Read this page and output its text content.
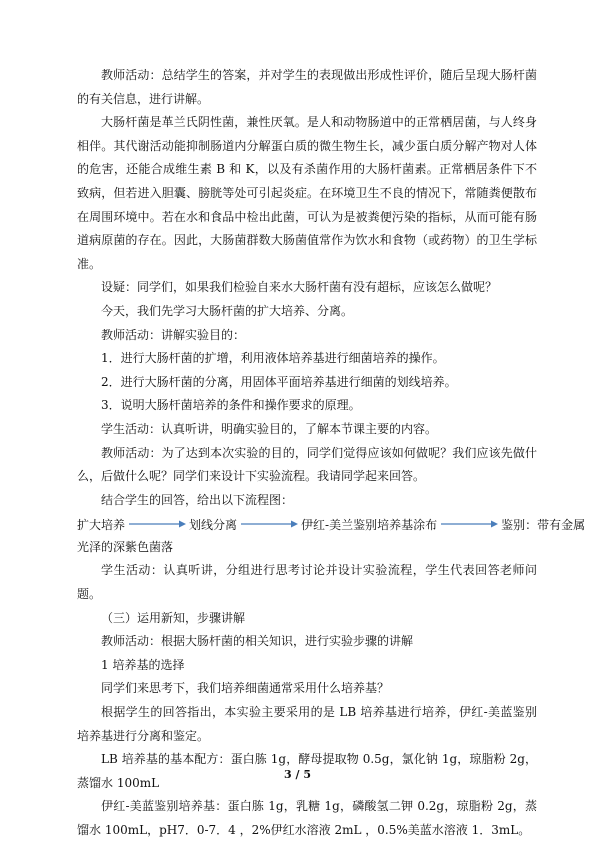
教师活动：总结学生的答案，并对学生的表现做出形成性评价，随后呈现大肠杆菌的有关信息，进行讲解。

大肠杆菌是革兰氏阴性菌，兼性厌氧。是人和动物肠道中的正常栖居菌，与人终身相伴。其代谢活动能抑制肠道内分解蛋白质的微生物生长，减少蛋白质分解产物对人体的危害，还能合成维生素 B 和 K，以及有杀菌作用的大肠杆菌素。正常栖居条件下不致病，但若进入胆囊、膀胱等处可引起炎症。在环境卫生不良的情况下，常随粪便散布在周围环境中。若在水和食品中检出此菌，可认为是被粪便污染的指标，从而可能有肠道病原菌的存在。因此，大肠菌群数大肠菌值常作为饮水和食物（或药物）的卫生学标准。

设疑：同学们，如果我们检验自来水大肠杆菌有没有超标，应该怎么做呢？

今天，我们先学习大肠杆菌的扩大培养、分离。

教师活动：讲解实验目的：

1．进行大肠杆菌的扩增，利用液体培养基进行细菌培养的操作。

2．进行大肠杆菌的分离，用固体平面培养基进行细菌的划线培养。

3．说明大肠杆菌培养的条件和操作要求的原理。

学生活动：认真听讲，明确实验目的，了解本节课主要的内容。

教师活动：为了达到本次实验的目的，同学们觉得应该如何做呢？我们应该先做什么，后做什么呢？同学们来设计下实验流程。我请同学起来回答。

结合学生的回答，给出以下流程图：

扩大培养	划线分离	伊红-美兰鉴别培养基涂布	鉴别：带有金属
光泽的深紫色菌落

学生活动：认真听讲，分组进行思考讨论并设计实验流程，学生代表回答老师问题。

（三）运用新知，步骤讲解

教师活动：根据大肠杆菌的相关知识，进行实验步骤的讲解

1 培养基的选择

同学们来思考下，我们培养细菌通常采用什么培养基？

根据学生的回答指出，本实验主要采用的是 LB 培养基进行培养，伊红-美蓝鉴别培养基进行分离和鉴定。

LB 培养基的基本配方：蛋白胨 1g，酵母提取物 0.5g，氯化钠 1g，琼脂粉 2g，蒸馏水 100mL

伊红-美蓝鉴别培养基：蛋白胨 1g，乳糖 1g，磷酸氢二钾 0.2g，琼脂粉 2g，蒸馏水 100mL，pH7．0-7．4 ，2%伊红水溶液 2mL ，0.5%美蓝水溶液 1．3mL。

3 / 5
